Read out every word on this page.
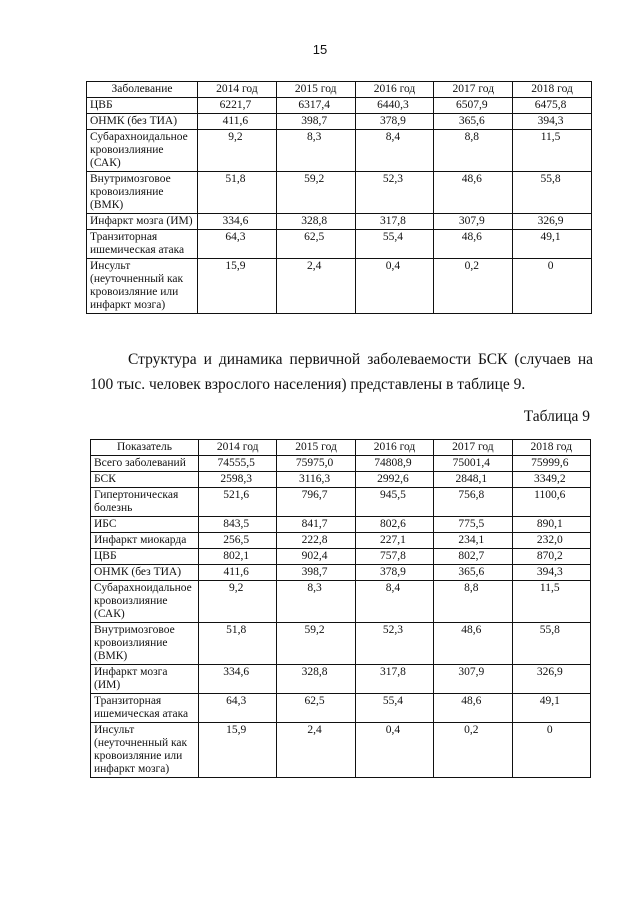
15
Заболевание	2014 год	2015 год	2016 год	2017 год	2018 год
ЦВБ	6221,7	6317,4	6440,3	6507,9	6475,8
ОНМК (без ТИА)	411,6	398,7	378,9	365,6	394,3
Субарахноидальное кровоизлияние (САК)	9,2	8,3	8,4	8,8	11,5
Внутримозговое кровоизлияние (ВМК)	51,8	59,2	52,3	48,6	55,8
Инфаркт мозга (ИМ)	334,6	328,8	317,8	307,9	326,9
Транзиторная ишемическая атака	64,3	62,5	55,4	48,6	49,1
Инсульт (неуточненный как кровоизляние или инфаркт мозга)	15,9	2,4	0,4	0,2	0
Структура и динамика первичной заболеваемости БСК (случаев на 100 тыс. человек взрослого населения) представлены в таблице 9.
Таблица 9
Показатель	2014 год	2015 год	2016 год	2017 год	2018 год
Всего заболеваний	74555,5	75975,0	74808,9	75001,4	75999,6
БСК	2598,3	3116,3	2992,6	2848,1	3349,2
Гипертоническая болезнь	521,6	796,7	945,5	756,8	1100,6
ИБС	843,5	841,7	802,6	775,5	890,1
Инфаркт миокарда	256,5	222,8	227,1	234,1	232,0
ЦВБ	802,1	902,4	757,8	802,7	870,2
ОНМК (без ТИА)	411,6	398,7	378,9	365,6	394,3
Субарахноидальное кровоизлияние (САК)	9,2	8,3	8,4	8,8	11,5
Внутримозговое кровоизлияние (ВМК)	51,8	59,2	52,3	48,6	55,8
Инфаркт мозга (ИМ)	334,6	328,8	317,8	307,9	326,9
Транзиторная ишемическая атака	64,3	62,5	55,4	48,6	49,1
Инсульт (неуточненный как кровоизляние или инфаркт мозга)	15,9	2,4	0,4	0,2	0
